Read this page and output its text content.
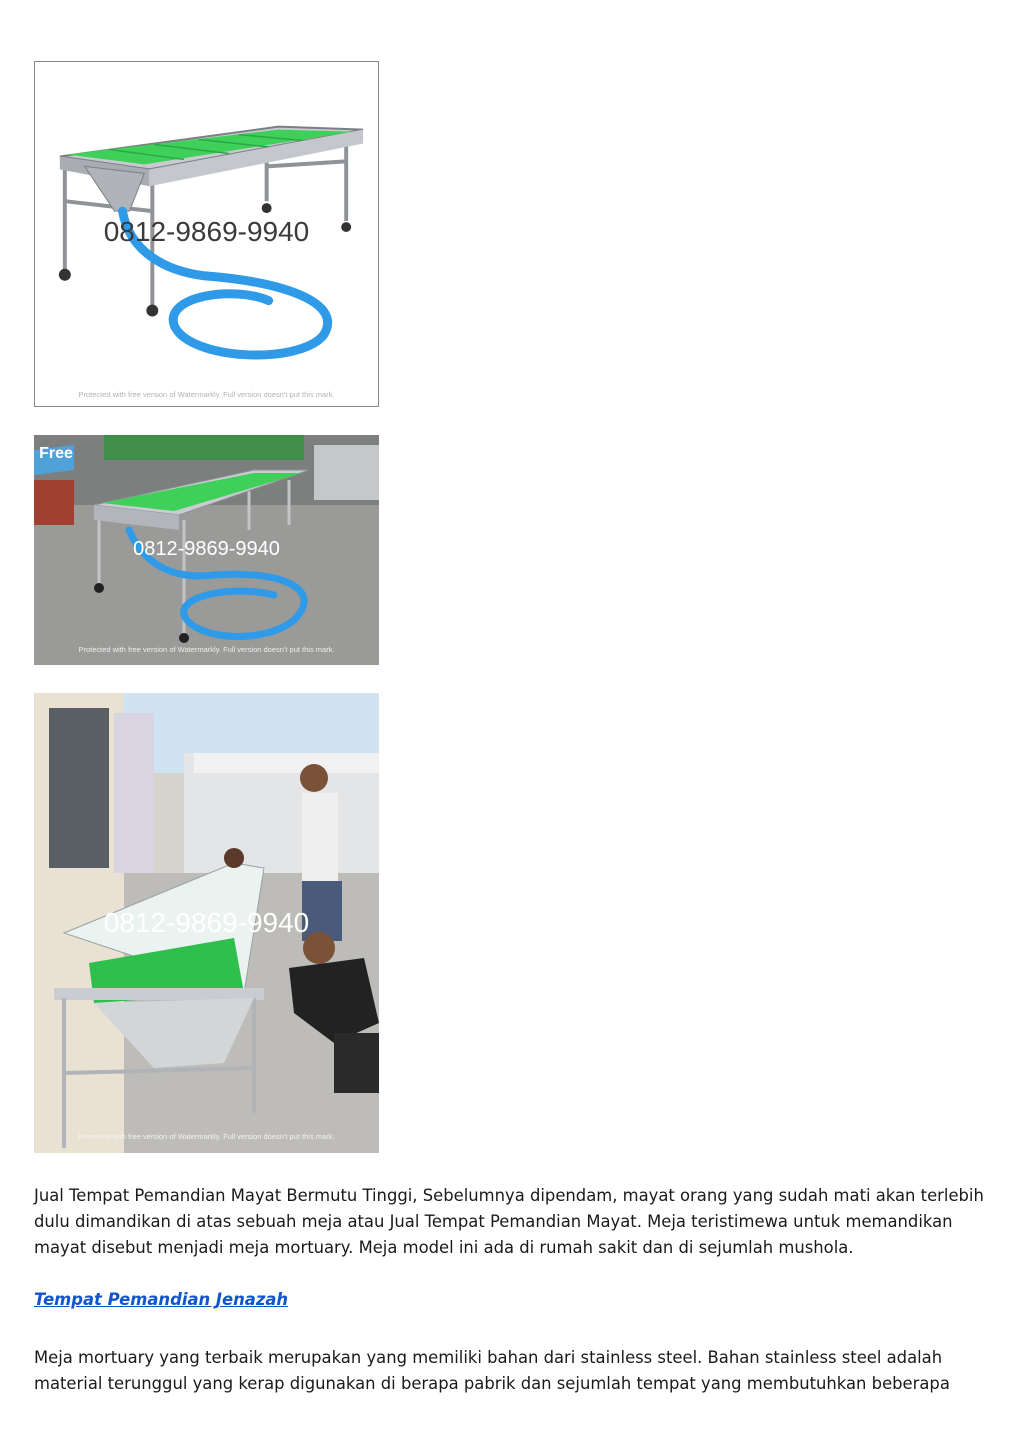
0812-9869-9940
Protected with free version of Watermarkly. Full version doesn't put this mark.
Free
0812-9869-9940
Protected with free version of Watermarkly. Full version doesn't put this mark.
0812-9869-9940
Protected with free version of Watermarkly. Full version doesn't put this mark.

Jual Tempat Pemandian Mayat Bermutu Tinggi, Sebelumnya dipendam, mayat orang yang sudah mati akan terlebih dulu dimandikan di atas sebuah meja atau Jual Tempat Pemandian Mayat. Meja teristimewa untuk memandikan mayat disebut menjadi meja mortuary. Meja model ini ada di rumah sakit dan di sejumlah mushola.

Tempat Pemandian Jenazah

Meja mortuary yang terbaik merupakan yang memiliki bahan dari stainless steel. Bahan stainless steel adalah material terunggul yang kerap digunakan di berapa pabrik dan sejumlah tempat yang membutuhkan beberapa
